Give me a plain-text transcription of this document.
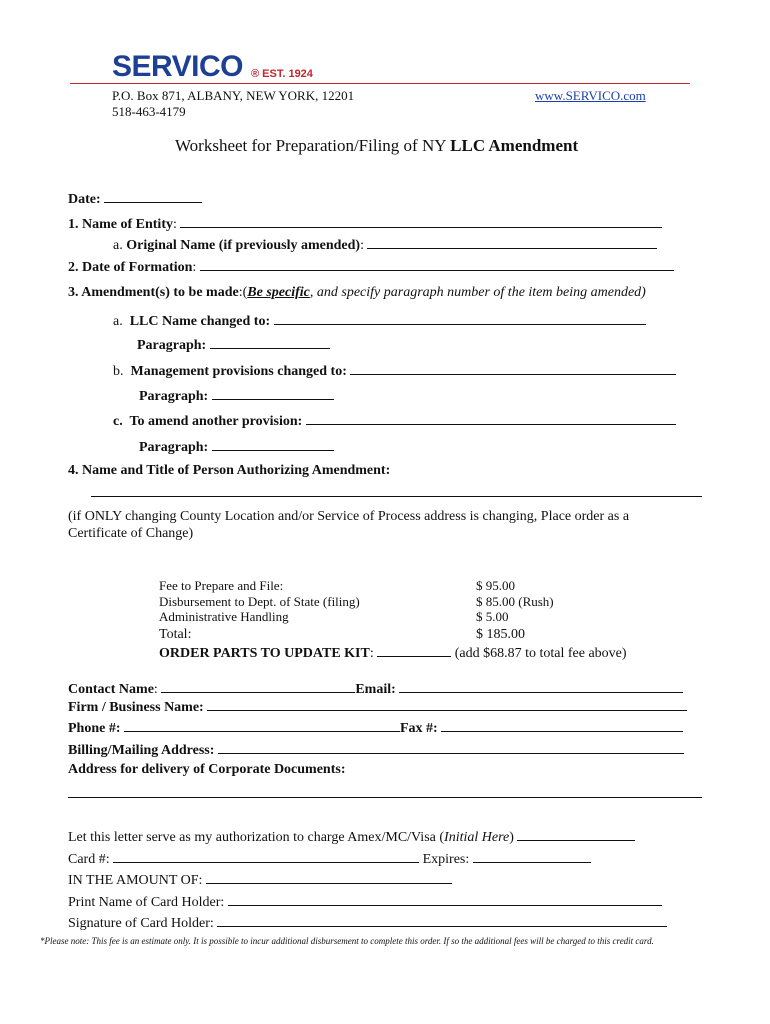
SERVICO ® EST. 1924
P.O. Box 871, ALBANY, NEW YORK, 12201
518-463-4179
www.SERVICO.com
Worksheet for Preparation/Filing of NY LLC Amendment
Date:
1. Name of Entity:
a. Original Name (if previously amended):
2. Date of Formation:
3. Amendment(s) to be made:(Be specific, and specify paragraph number of the item being amended)
a. LLC Name changed to:
Paragraph:
b. Management provisions changed to:
Paragraph:
c. To amend another provision:
Paragraph:
4. Name and Title of Person Authorizing Amendment:
(if ONLY changing County Location and/or Service of Process address is changing, Place order as a
Certificate of Change)
Fee to Prepare and File:	$ 95.00
Disbursement to Dept. of State (filing)	$ 85.00 (Rush)
Administrative Handling	$ 5.00
Total:	$ 185.00
ORDER PARTS TO UPDATE KIT:	(add $68.87 to total fee above)
Contact Name:	Email:
Firm / Business Name:
Phone #:	Fax #:
Billing/Mailing Address:
Address for delivery of Corporate Documents:
Let this letter serve as my authorization to charge Amex/MC/Visa (Initial Here)
Card #:	Expires:
IN THE AMOUNT OF:
Print Name of Card Holder:
Signature of Card Holder:
*Please note: This fee is an estimate only. It is possible to incur additional disbursement to complete this order. If so the additional fees will be charged to this credit card.
